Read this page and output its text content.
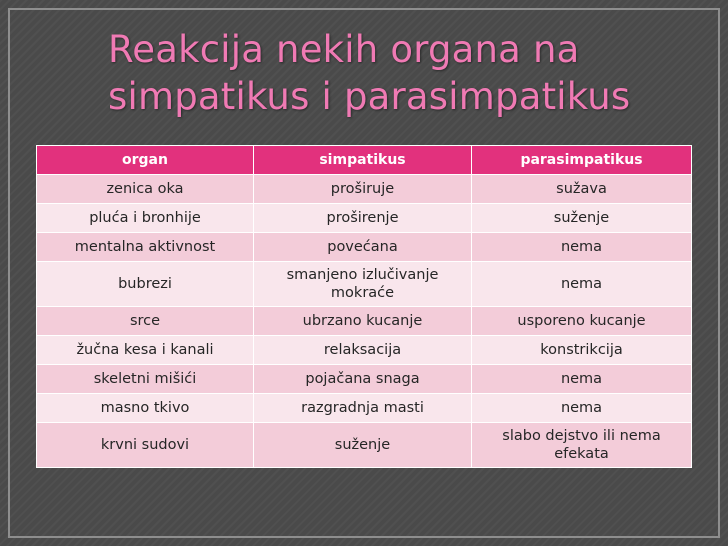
Reakcija nekih organa na
simpatikus i parasimpatikus
organ	simpatikus	parasimpatikus
zenica oka	proširuje	sužava
pluća i bronhije	proširenje	suženje
mentalna aktivnost	povećana	nema
bubrezi	smanjeno izlučivanje mokraće	nema
srce	ubrzano kucanje	usporeno kucanje
žučna kesa i kanali	relaksacija	konstrikcija
skeletni mišići	pojačana snaga	nema
masno tkivo	razgradnja masti	nema
krvni sudovi	suženje	slabo dejstvo ili nema efekata
